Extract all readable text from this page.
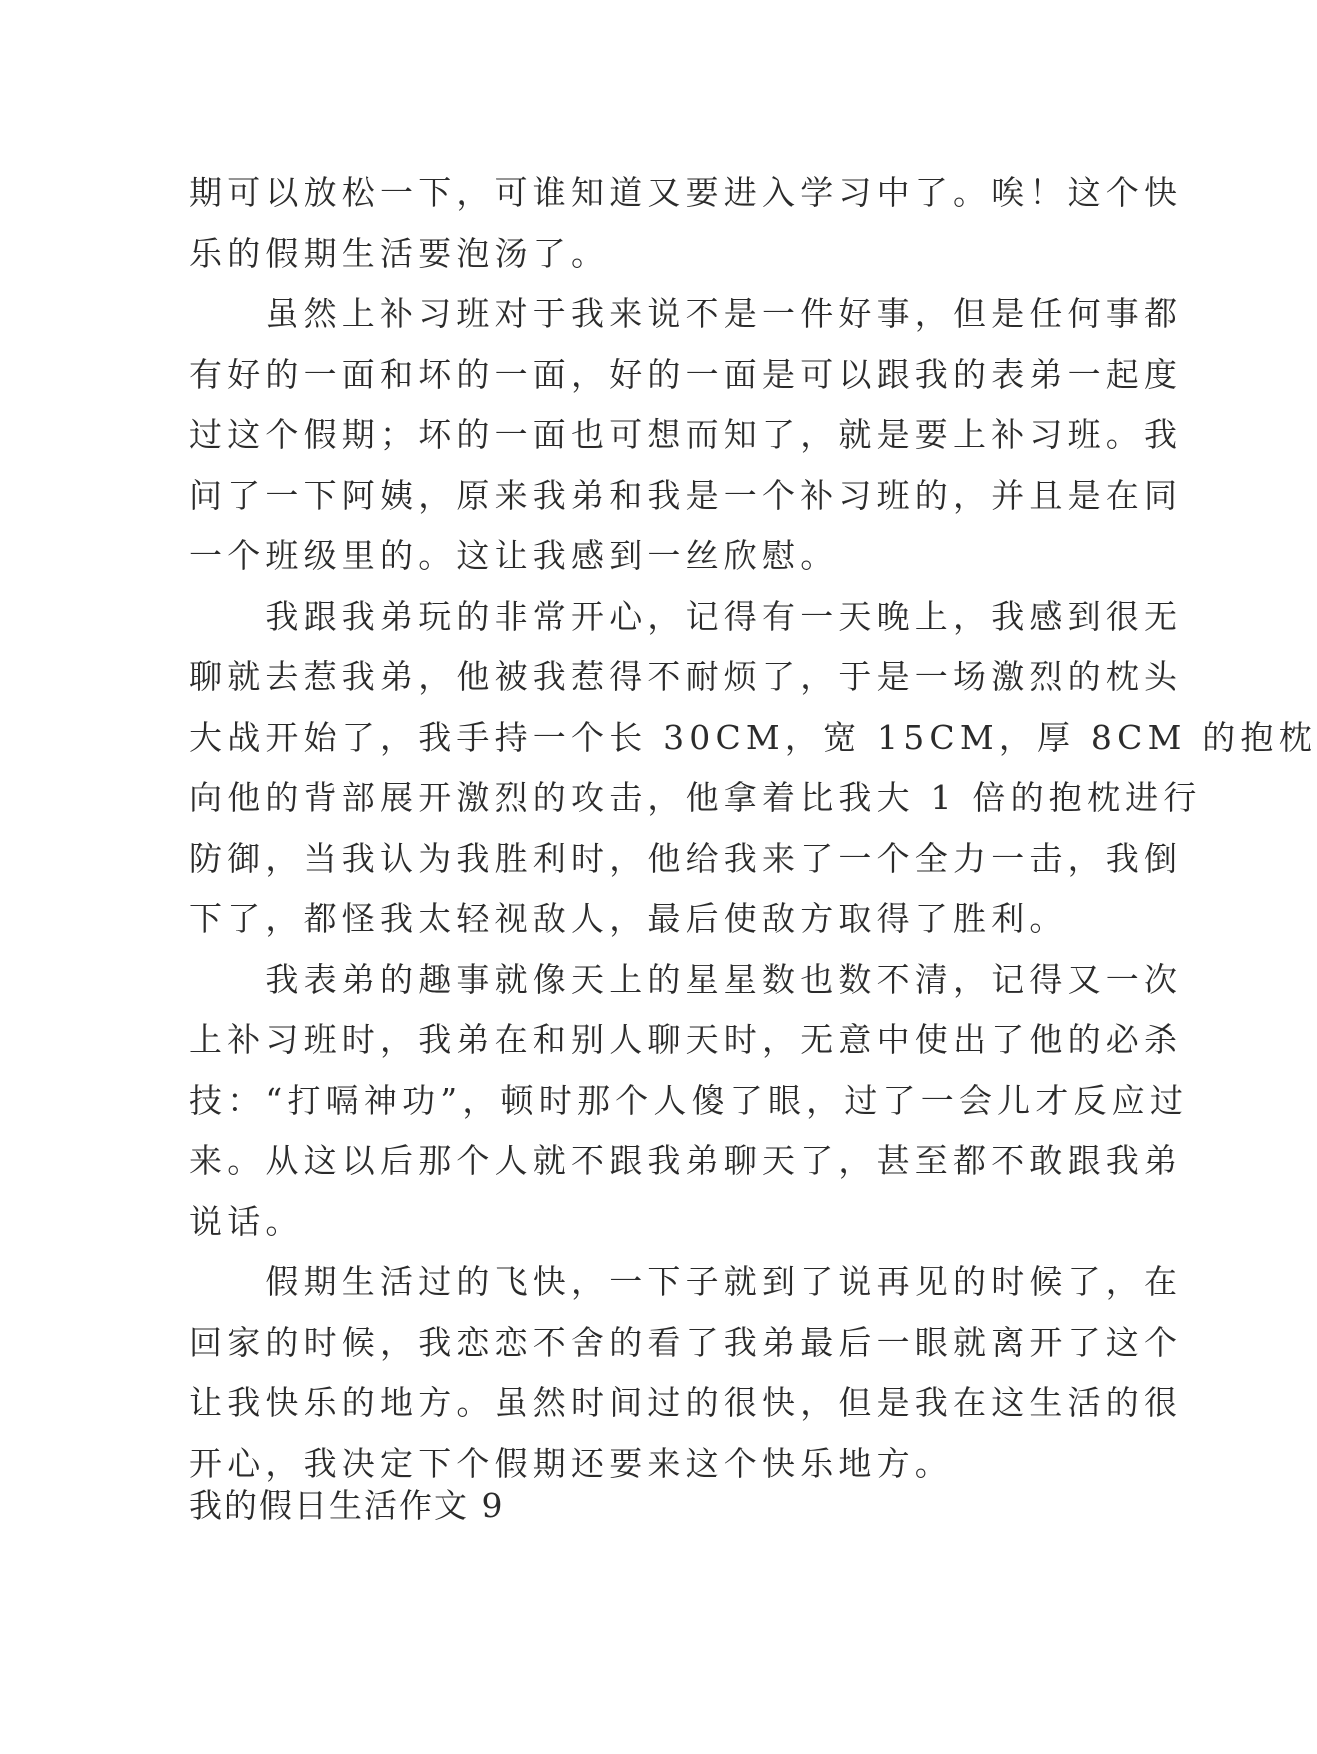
期可以放松一下，可谁知道又要进入学习中了。唉！这个快
乐的假期生活要泡汤了。
　　虽然上补习班对于我来说不是一件好事，但是任何事都
有好的一面和坏的一面，好的一面是可以跟我的表弟一起度
过这个假期；坏的一面也可想而知了，就是要上补习班。我
问了一下阿姨，原来我弟和我是一个补习班的，并且是在同
一个班级里的。这让我感到一丝欣慰。
　　我跟我弟玩的非常开心，记得有一天晚上，我感到很无
聊就去惹我弟，他被我惹得不耐烦了，于是一场激烈的枕头
大战开始了，我手持一个长 30CM，宽 15CM，厚 8CM 的抱枕
向他的背部展开激烈的攻击，他拿着比我大 1 倍的抱枕进行
防御，当我认为我胜利时，他给我来了一个全力一击，我倒
下了，都怪我太轻视敌人，最后使敌方取得了胜利。
　　我表弟的趣事就像天上的星星数也数不清，记得又一次
上补习班时，我弟在和别人聊天时，无意中使出了他的必杀
技：“打嗝神功”，顿时那个人傻了眼，过了一会儿才反应过
来。从这以后那个人就不跟我弟聊天了，甚至都不敢跟我弟
说话。
　　假期生活过的飞快，一下子就到了说再见的时候了，在
回家的时候，我恋恋不舍的看了我弟最后一眼就离开了这个
让我快乐的地方。虽然时间过的很快，但是我在这生活的很
开心，我决定下个假期还要来这个快乐地方。
我的假日生活作文 9
